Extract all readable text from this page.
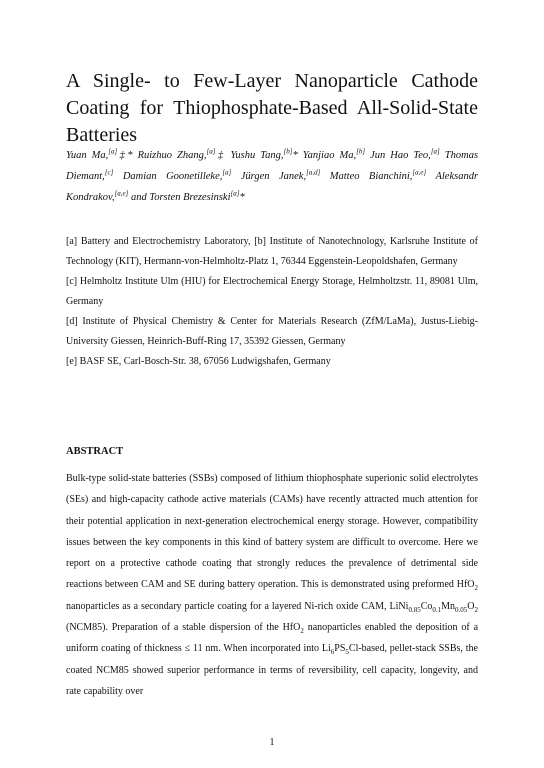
A Single- to Few-Layer Nanoparticle Cathode Coating for Thiophosphate-Based All-Solid-State Batteries
Yuan Ma,[a]‡* Ruizhuo Zhang,[a]‡ Yushu Tang,[b]* Yanjiao Ma,[b] Jun Hao Teo,[a] Thomas Diemant,[c] Damian Goonetilleke,[a] Jürgen Janek,[a,d] Matteo Bianchini,[a,e] Aleksandr Kondrakov,[a,e] and Torsten Brezesinski[a]*

[a] Battery and Electrochemistry Laboratory, [b] Institute of Nanotechnology, Karlsruhe Institute of Technology (KIT), Hermann-von-Helmholtz-Platz 1, 76344 Eggenstein-Leopoldshafen, Germany

[c] Helmholtz Institute Ulm (HIU) for Electrochemical Energy Storage, Helmholtzstr. 11, 89081 Ulm, Germany

[d] Institute of Physical Chemistry & Center for Materials Research (ZfM/LaMa), Justus-Liebig-University Giessen, Heinrich-Buff-Ring 17, 35392 Giessen, Germany

[e] BASF SE, Carl-Bosch-Str. 38, 67056 Ludwigshafen, Germany

ABSTRACT
Bulk-type solid-state batteries (SSBs) composed of lithium thiophosphate superionic solid electrolytes (SEs) and high-capacity cathode active materials (CAMs) have recently attracted much attention for their potential application in next-generation electrochemical energy storage. However, compatibility issues between the key components in this kind of battery system are difficult to overcome. Here we report on a protective cathode coating that strongly reduces the prevalence of detrimental side reactions between CAM and SE during battery operation. This is demonstrated using preformed HfO$_2$ nanoparticles as a secondary particle coating for a layered Ni-rich oxide CAM, $LiNi_{0.85}Co_{0.1}Mn_{0.05}O_2$ (NCM85). Preparation of a stable dispersion of the HfO$_2$ nanoparticles enabled the deposition of a uniform coating of thickness ≤ 11 nm. When incorporated into $Li_6PS_5Cl$-based, pellet-stack SSBs, the coated NCM85 showed superior performance in terms of reversibility, cell capacity, longevity, and rate capability over
1
